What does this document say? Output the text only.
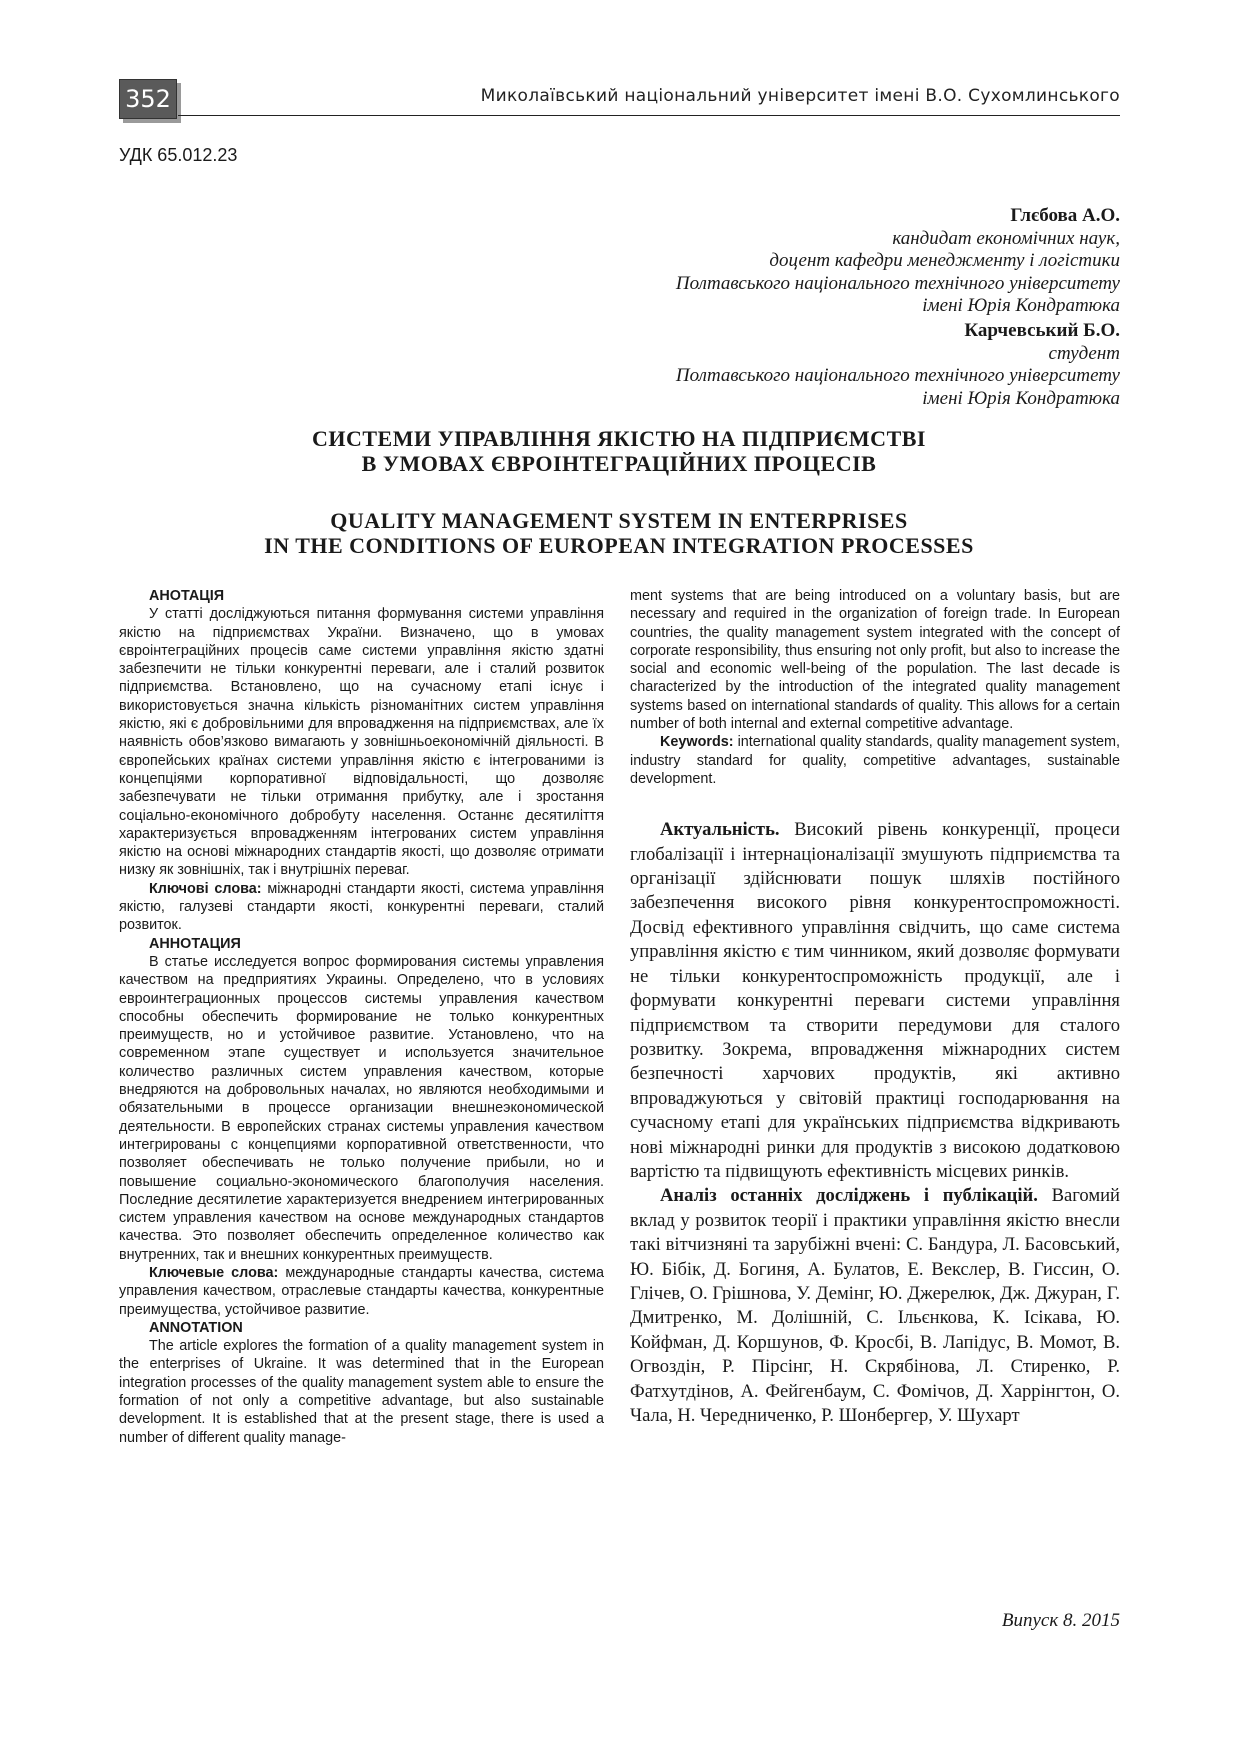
352	Миколаївський національний університет імені В.О. Сухомлинського
УДК 65.012.23
Глєбова А.О.
кандидат економічних наук,
доцент кафедри менеджменту і логістики
Полтавського національного технічного університету
імені Юрія Кондратюка
Карчевський Б.О.
студент
Полтавського національного технічного університету
імені Юрія Кондратюка
СИСТЕМИ УПРАВЛІННЯ ЯКІСТЮ НА ПІДПРИЄМСТВІ
В УМОВАХ ЄВРОІНТЕГРАЦІЙНИХ ПРОЦЕСІВ
QUALITY MANAGEMENT SYSTEM IN ENTERPRISES
IN THE CONDITIONS OF EUROPEAN INTEGRATION PROCESSES

АНОТАЦІЯ

У статті досліджуються питання формування системи управління якістю на підприємствах України. Визначено, що в умовах євроінтеграційних процесів саме системи управління якістю здатні забезпечити не тільки конкурентні переваги, але і сталий розвиток підприємства. Встановлено, що на сучасному етапі існує і використовується значна кількість різноманітних систем управління якістю, які є добровільними для впровадження на підприємствах, але їх наявність обов’язково вимагають у зовнішньоекономічній діяльності. В європейських країнах системи управління якістю є інтегрованими із концепціями корпоративної відповідальності, що дозволяє забезпечувати не тільки отримання прибутку, але і зростання соціально-економічного добробуту населення. Останнє десятиліття характеризується впровадженням інтегрованих систем управління якістю на основі міжнародних стандартів якості, що дозволяє отримати низку як зовнішніх, так і внутрішніх переваг.

Ключові слова: міжнародні стандарти якості, система управління якістю, галузеві стандарти якості, конкурентні переваги, сталий розвиток.

АННОТАЦИЯ

В статье исследуется вопрос формирования системы управления качеством на предприятиях Украины. Определено, что в условиях евроинтеграционных процессов системы управления качеством способны обеспечить формирование не только конкурентных преимуществ, но и устойчивое развитие. Установлено, что на современном этапе существует и используется значительное количество различных систем управления качеством, которые внедряются на добровольных началах, но являются необходимыми и обязательными в процессе организации внешнеэкономической деятельности. В европейских странах системы управления качеством интегрированы с концепциями корпоративной ответственности, что позволяет обеспечивать не только получение прибыли, но и повышение социально-экономического благополучия населения. Последние десятилетие характеризуется внедрением интегрированных систем управления качеством на основе международных стандартов качества. Это позволяет обеспечить определенное количество как внутренних, так и внешних конкурентных преимуществ.

Ключевые слова: международные стандарты качества, система управления качеством, отраслевые стандарты качества, конкурентные преимущества, устойчивое развитие.

ANNOTATION

The article explores the formation of a quality management system in the enterprises of Ukraine. It was determined that in the European integration processes of the quality management system able to ensure the formation of not only a competitive advantage, but also sustainable development. It is established that at the present stage, there is used a number of different quality manage-

ment systems that are being introduced on a voluntary basis, but are necessary and required in the organization of foreign trade. In European countries, the quality management system integrated with the concept of corporate responsibility, thus ensuring not only profit, but also to increase the social and economic well-being of the population. The last decade is characterized by the introduction of the integrated quality management systems based on international standards of quality. This allows for a certain number of both internal and external competitive advantage.

Keywords: international quality standards, quality management system, industry standard for quality, competitive advantages, sustainable development.

Актуальність. Високий рівень конкуренції, процеси глобалізації і інтернаціоналізації змушують підприємства та організації здійснювати пошук шляхів постійного забезпечення високого рівня конкурентоспроможності. Досвід ефективного управління свідчить, що саме система управління якістю є тим чинником, який дозволяє формувати не тільки конкурентоспроможність продукції, але і формувати конкурентні переваги системи управління підприємством та створити передумови для сталого розвитку. Зокрема, впровадження міжнародних систем безпечності харчових продуктів, які активно впроваджуються у світовій практиці господарювання на сучасному етапі для українських підприємства відкривають нові міжнародні ринки для продуктів з високою додатковою вартістю та підвищують ефективність місцевих ринків.

Аналіз останніх досліджень і публікацій. Вагомий вклад у розвиток теорії і практики управління якістю внесли такі вітчизняні та зарубіжні вчені: С. Бандура, Л. Басовський, Ю. Бібік, Д. Богиня, А. Булатов, Е. Векслер, В. Гиссин, О. Глічев, О. Грішнова, У. Демінг, Ю. Джерелюк, Дж. Джуран, Г. Дмитренко, М. Долішній, С. Ільєнкова, К. Ісікава, Ю. Койфман, Д. Коршунов, Ф. Кросбі, В. Лапідус, В. Момот, В. Огвоздін, Р. Пірсінг, Н. Скрябінова, Л. Стиренко, Р. Фатхутдінов, А. Фейгенбаум, С. Фомічов, Д. Харрінгтон, О. Чала, Н. Чередниченко, Р. Шонбергер, У. Шухарт

Випуск 8. 2015
